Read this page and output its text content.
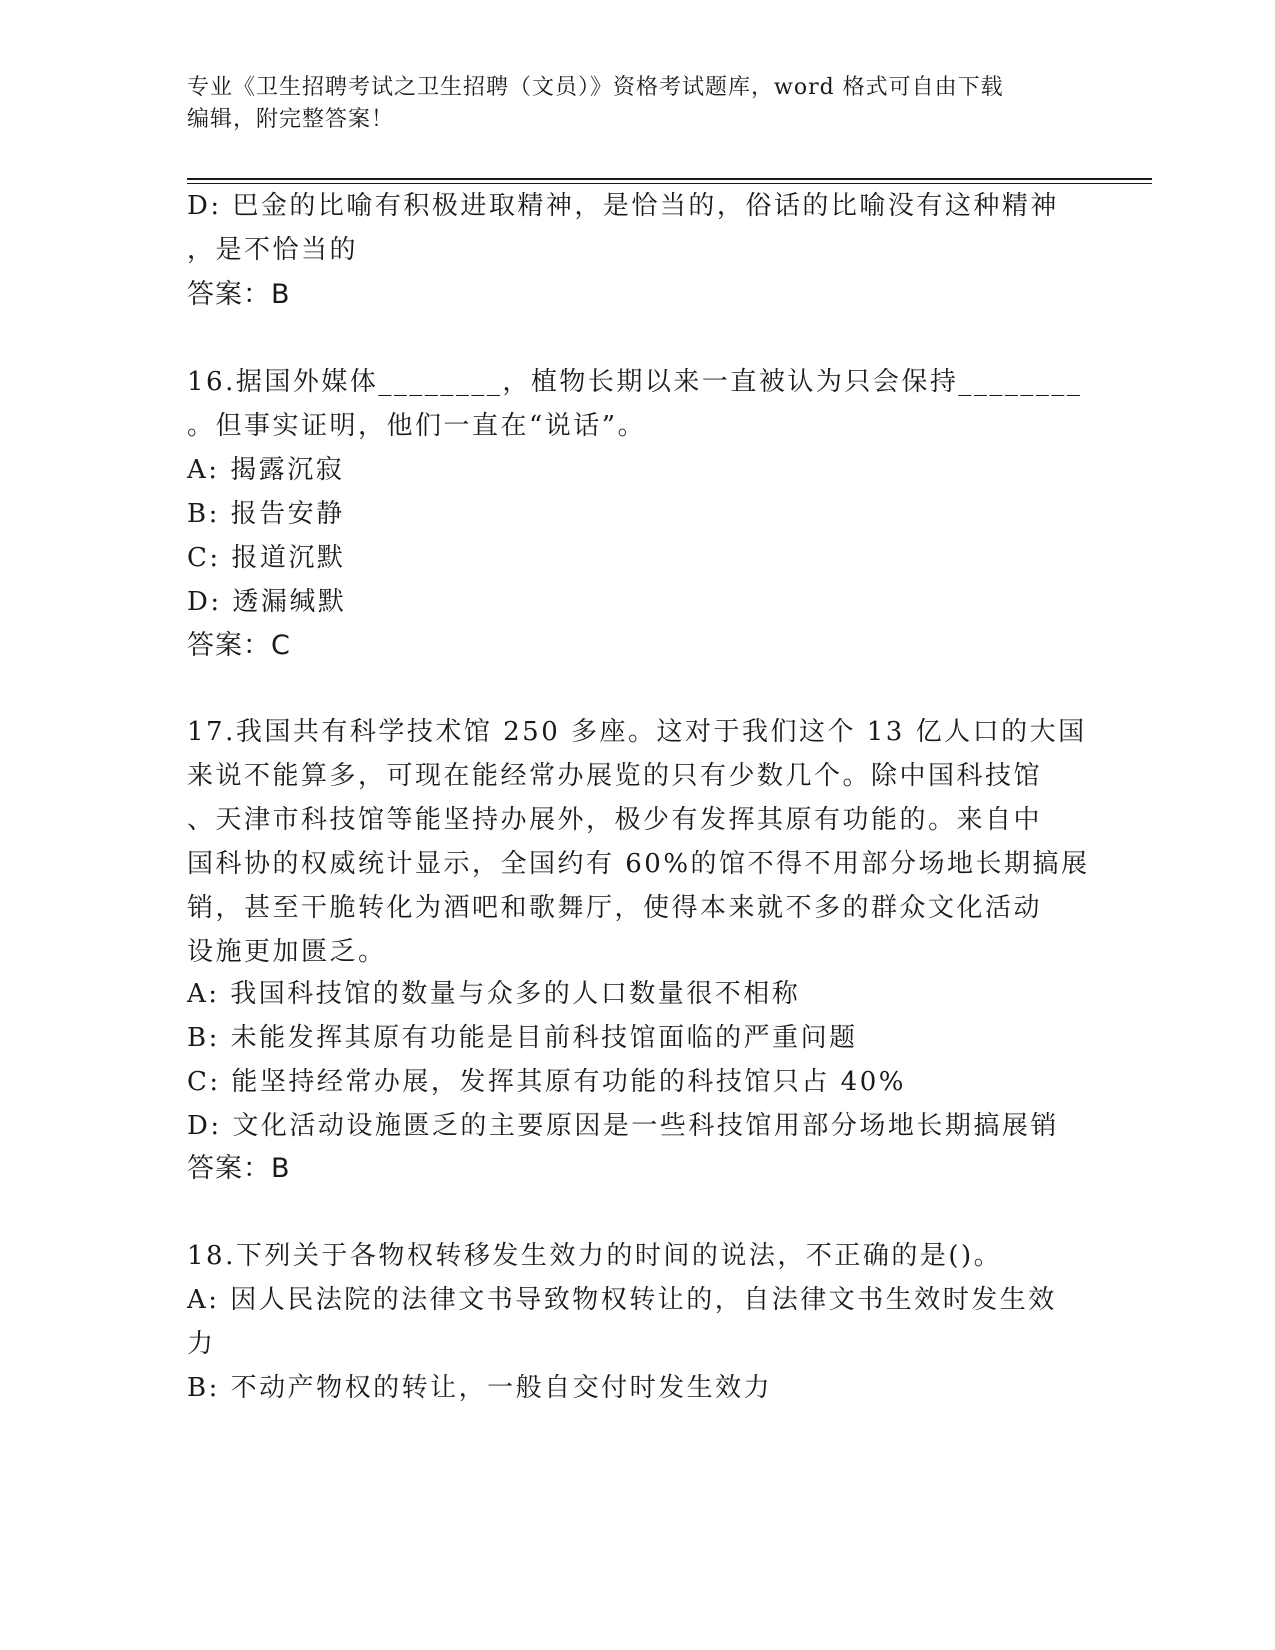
专业《卫生招聘考试之卫生招聘（文员）》资格考试题库，word 格式可自由下载
编辑，附完整答案！
D: 巴金的比喻有积极进取精神，是恰当的，俗话的比喻没有这种精神
，是不恰当的
答案：B
16.据国外媒体________，植物长期以来一直被认为只会保持________
。但事实证明，他们一直在“说话”。
A: 揭露沉寂
B: 报告安静
C: 报道沉默
D: 透漏缄默
答案：C
17.我国共有科学技术馆 250 多座。这对于我们这个 13 亿人口的大国
来说不能算多，可现在能经常办展览的只有少数几个。除中国科技馆
、天津市科技馆等能坚持办展外，极少有发挥其原有功能的。来自中
国科协的权威统计显示，全国约有 60%的馆不得不用部分场地长期搞展
销，甚至干脆转化为酒吧和歌舞厅，使得本来就不多的群众文化活动
设施更加匮乏。
A: 我国科技馆的数量与众多的人口数量很不相称
B: 未能发挥其原有功能是目前科技馆面临的严重问题
C: 能坚持经常办展，发挥其原有功能的科技馆只占 40%
D: 文化活动设施匮乏的主要原因是一些科技馆用部分场地长期搞展销
答案：B
18.下列关于各物权转移发生效力的时间的说法，不正确的是()。
A: 因人民法院的法律文书导致物权转让的，自法律文书生效时发生效
力
B: 不动产物权的转让，一般自交付时发生效力
